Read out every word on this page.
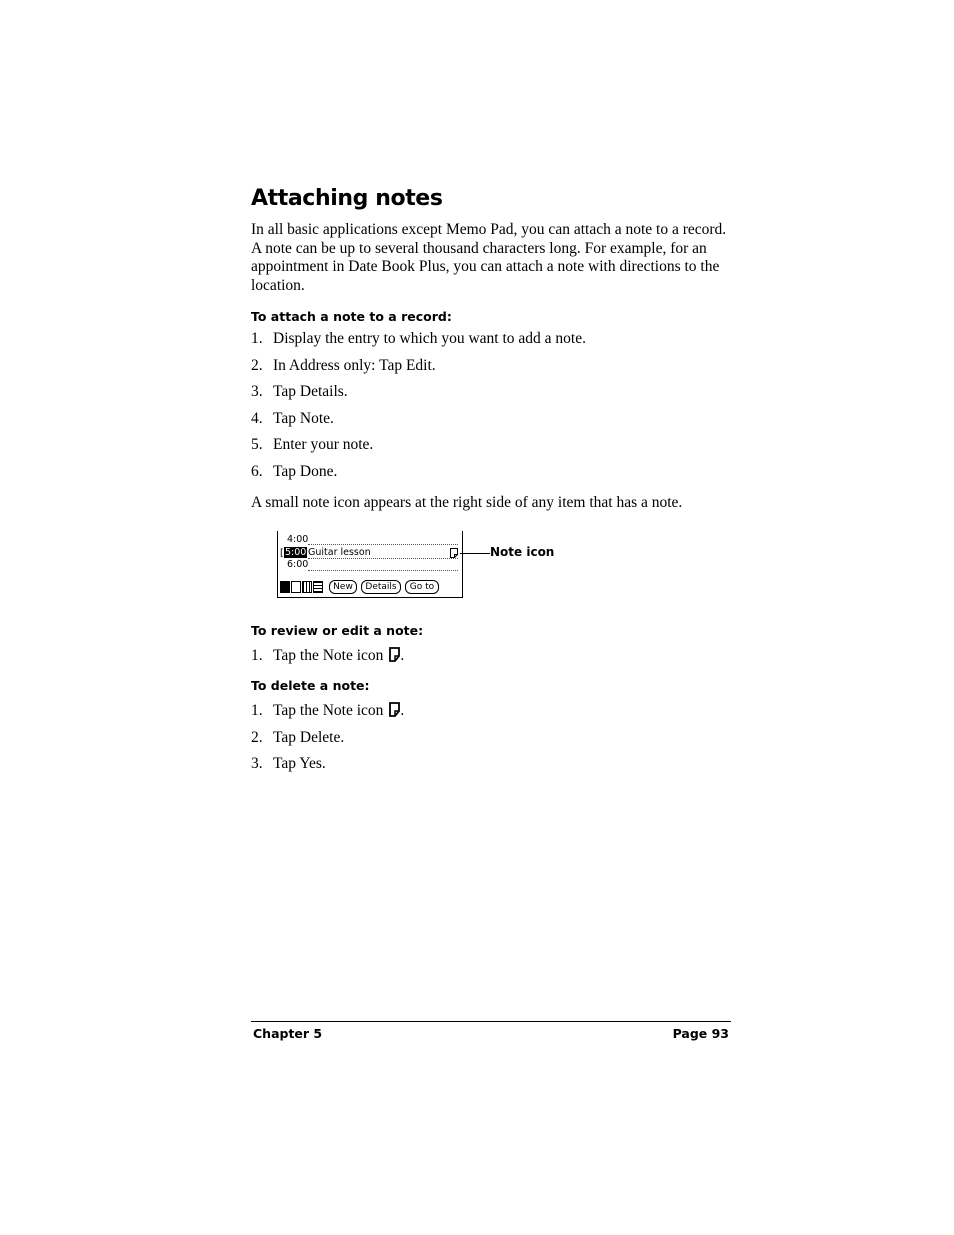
Attaching notes

In all basic applications except Memo Pad, you can attach a note to a record. A note can be up to several thousand characters long. For example, for an appointment in Date Book Plus, you can attach a note with directions to the location.

To attach a note to a record:
1. Display the entry to which you want to add a note.
2. In Address only: Tap Edit.
3. Tap Details.
4. Tap Note.
5. Enter your note.
6. Tap Done.
A small note icon appears at the right side of any item that has a note.
4:00
[ 5:00 Guitar lesson
6:00
New	Details	Go to
Note icon
To review or edit a note:
1. Tap the Note icon .
To delete a note:
1. Tap the Note icon .
2. Tap Delete.
3. Tap Yes.
Chapter 5	Page 93
